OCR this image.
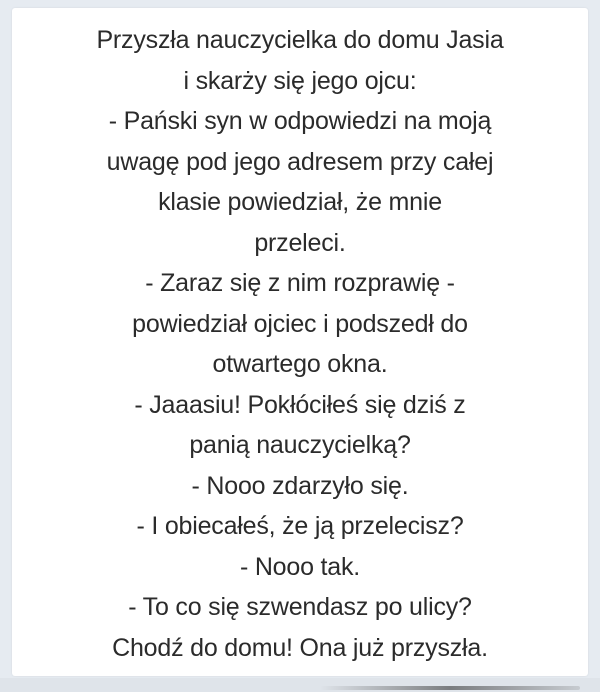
Przyszła nauczycielka do domu Jasia
i skarży się jego ojcu:
- Pański syn w odpowiedzi na moją
uwagę pod jego adresem przy całej
klasie powiedział, że mnie
przeleci.
- Zaraz się z nim rozprawię -
powiedział ojciec i podszedł do
otwartego okna.
- Jaaasiu! Pokłóciłeś się dziś z
panią nauczycielką?
- Nooo zdarzyło się.
- I obiecałeś, że ją przelecisz?
- Nooo tak.
- To co się szwendasz po ulicy?
Chodź do domu! Ona już przyszła.
